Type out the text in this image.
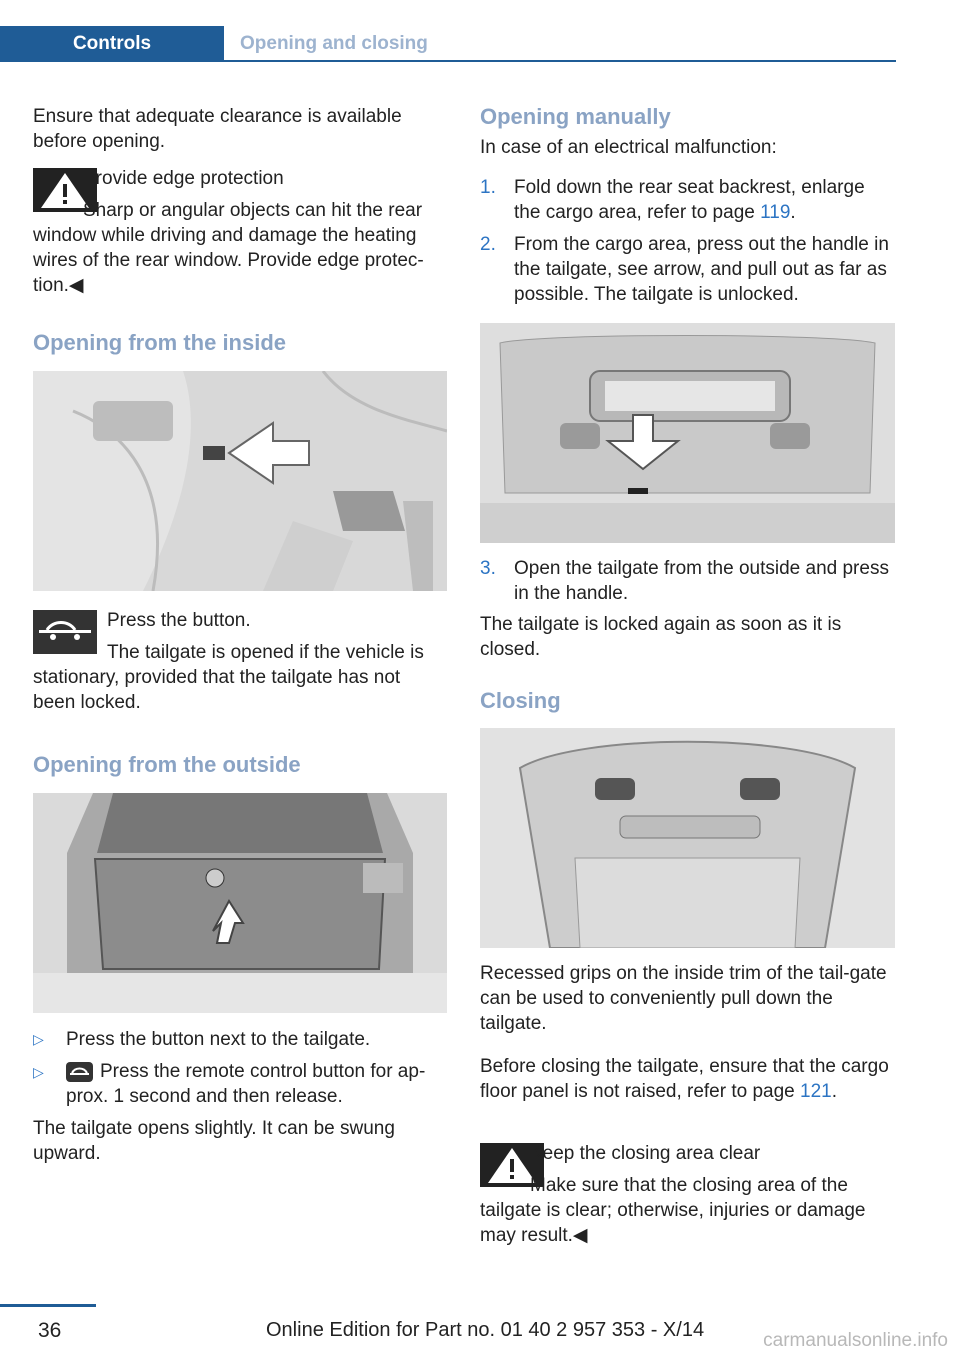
Controls	Opening and closing
Ensure that adequate clearance is available before opening.
Provide edge protection
Sharp or angular objects can hit the rear
window while driving and damage the heating wires of the rear window. Provide edge protec‐tion.◀
Opening from the inside
Press the button.
The tailgate is opened if the vehicle is
stationary, provided that the tailgate has not been locked.
Opening from the outside
▷ Press the button next to the tailgate.
▷	Press the remote control button for ap‐prox. 1 second and then release.
The tailgate opens slightly. It can be swung upward.
Opening manually
In case of an electrical malfunction:
1. Fold down the rear seat backrest, enlarge the cargo area, refer to page 119.
2. From the cargo area, press out the handle in the tailgate, see arrow, and pull out as far as possible. The tailgate is unlocked.
3. Open the tailgate from the outside and press in the handle.
The tailgate is locked again as soon as it is closed.
Closing
Recessed grips on the inside trim of the tail‐gate can be used to conveniently pull down the tailgate.
Before closing the tailgate, ensure that the cargo floor panel is not raised, refer to page 121.
Keep the closing area clear
Make sure that the closing area of the
tailgate is clear; otherwise, injuries or damage may result.◀
36	Online Edition for Part no. 01 40 2 957 353 - X/14	carmanualsonline.info
